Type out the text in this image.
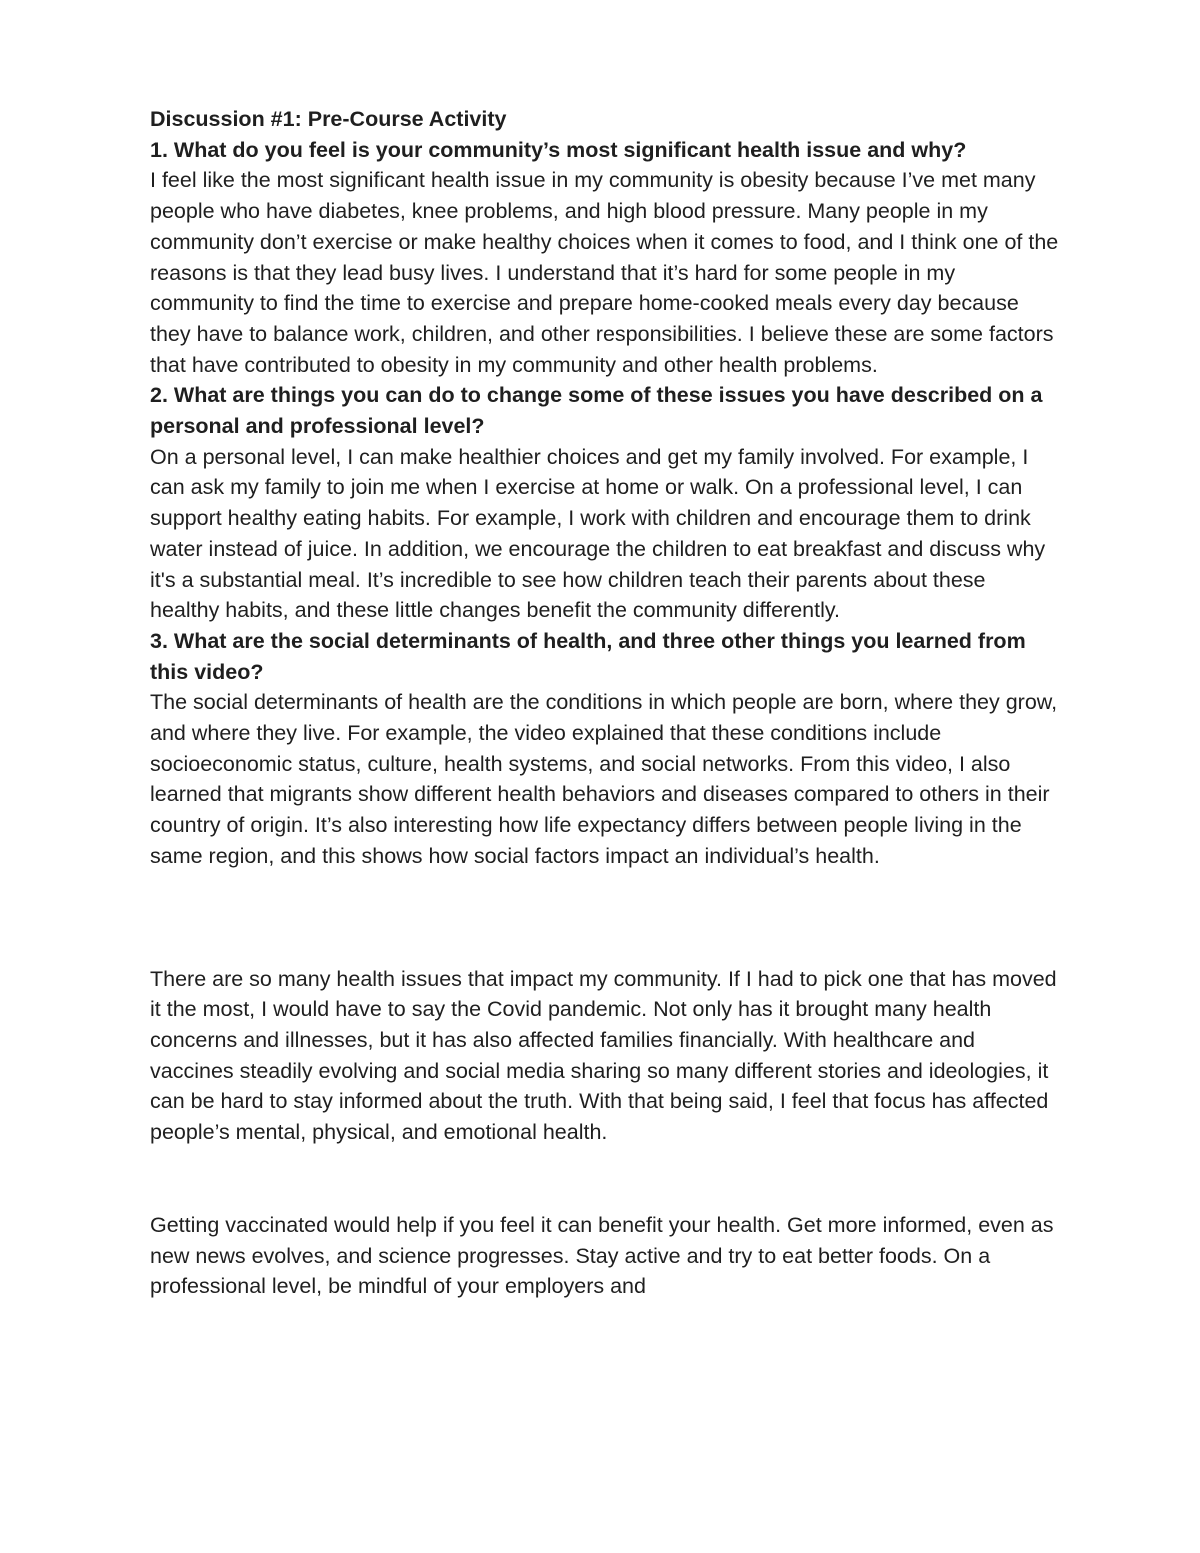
Discussion #1: Pre-Course Activity

1. What do you feel is your community’s most significant health issue and why?

I feel like the most significant health issue in my community is obesity because I’ve met many people who have diabetes, knee problems, and high blood pressure. Many people in my community don’t exercise or make healthy choices when it comes to food, and I think one of the reasons is that they lead busy lives. I understand that it’s hard for some people in my community to find the time to exercise and prepare home-cooked meals every day because they have to balance work, children, and other responsibilities. I believe these are some factors that have contributed to obesity in my community and other health problems.

2. What are things you can do to change some of these issues you have described on a personal and professional level?

On a personal level, I can make healthier choices and get my family involved. For example, I can ask my family to join me when I exercise at home or walk. On a professional level, I can support healthy eating habits. For example, I work with children and encourage them to drink water instead of juice. In addition, we encourage the children to eat breakfast and discuss why it's a substantial meal. It’s incredible to see how children teach their parents about these healthy habits, and these little changes benefit the community differently.

3. What are the social determinants of health, and three other things you learned from this video?

The social determinants of health are the conditions in which people are born, where they grow, and where they live. For example, the video explained that these conditions include socioeconomic status, culture, health systems, and social networks. From this video, I also learned that migrants show different health behaviors and diseases compared to others in their country of origin. It’s also interesting how life expectancy differs between people living in the same region, and this shows how social factors impact an individual’s health.

There are so many health issues that impact my community. If I had to pick one that has moved it the most, I would have to say the Covid pandemic. Not only has it brought many health concerns and illnesses, but it has also affected families financially. With healthcare and vaccines steadily evolving and social media sharing so many different stories and ideologies, it can be hard to stay informed about the truth. With that being said, I feel that focus has affected people’s mental, physical, and emotional health.

Getting vaccinated would help if you feel it can benefit your health. Get more informed, even as new news evolves, and science progresses. Stay active and try to eat better foods. On a professional level, be mindful of your employers and
